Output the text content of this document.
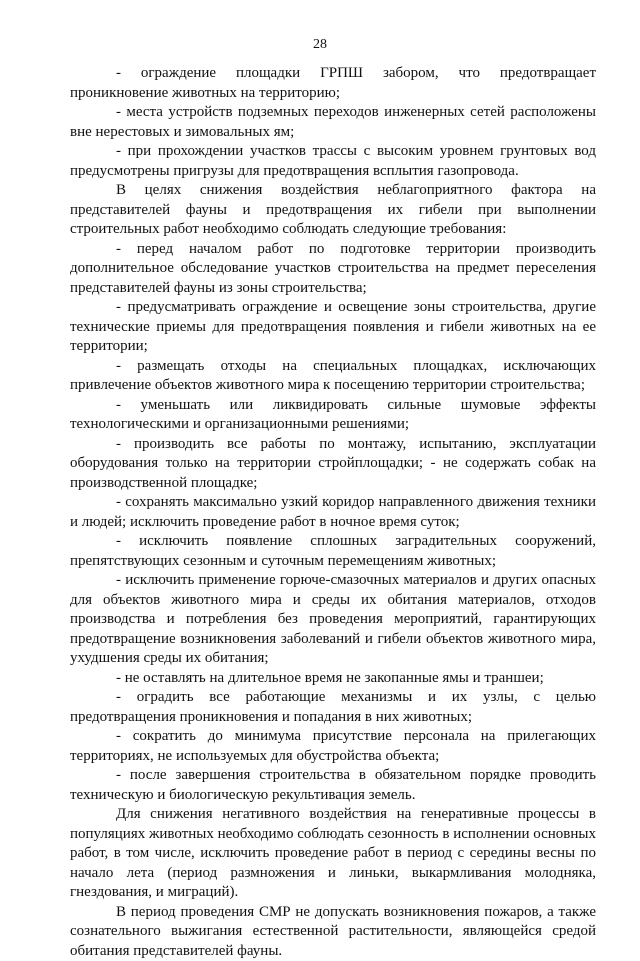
28

- ограждение площадки ГРПШ забором, что предотвращает проникновение животных на территорию;

- места устройств подземных переходов инженерных сетей расположены вне нерестовых и зимовальных ям;

- при прохождении участков трассы с высоким уровнем грунтовых вод предусмотрены пригрузы для предотвращения всплытия газопровода.

В целях снижения воздействия неблагоприятного фактора на представителей фауны и предотвращения их гибели при выполнении строительных работ необходимо соблюдать следующие требования:

- перед началом работ по подготовке территории производить дополнительное обследование участков строительства на предмет переселения представителей фауны из зоны строительства;

- предусматривать ограждение и освещение зоны строительства, другие технические приемы для предотвращения появления и гибели животных на ее территории;

- размещать отходы на специальных площадках, исключающих привлечение объектов животного мира к посещению территории строительства;

- уменьшать или ликвидировать сильные шумовые эффекты технологическими и организационными решениями;

- производить все работы по монтажу, испытанию, эксплуатации оборудования только на территории стройплощадки; - не содержать собак на производственной площадке;

- сохранять максимально узкий коридор направленного движения техники и людей; исключить проведение работ в ночное время суток;

- исключить появление сплошных заградительных сооружений, препятствующих сезонным и суточным перемещениям животных;

- исключить применение горюче-смазочных материалов и других опасных для объектов животного мира и среды их обитания материалов, отходов производства и потребления без проведения мероприятий, гарантирующих предотвращение возникновения заболеваний и гибели объектов животного мира, ухудшения среды их обитания;

- не оставлять на длительное время не закопанные ямы и траншеи;

- оградить все работающие механизмы и их узлы, с целью предотвращения проникновения и попадания в них животных;

- сократить до минимума присутствие персонала на прилегающих территориях, не используемых для обустройства объекта;

- после завершения строительства в обязательном порядке проводить техническую и биологическую рекультивация земель.

Для снижения негативного воздействия на генеративные процессы в популяциях животных необходимо соблюдать сезонность в исполнении основных работ, в том числе, исключить проведение работ в период с середины весны по начало лета (период размножения и линьки, выкармливания молодняка, гнездования, и миграций).

В период проведения СМР не допускать возникновения пожаров, а также сознательного выжигания естественной растительности, являющейся средой обитания представителей фауны.
